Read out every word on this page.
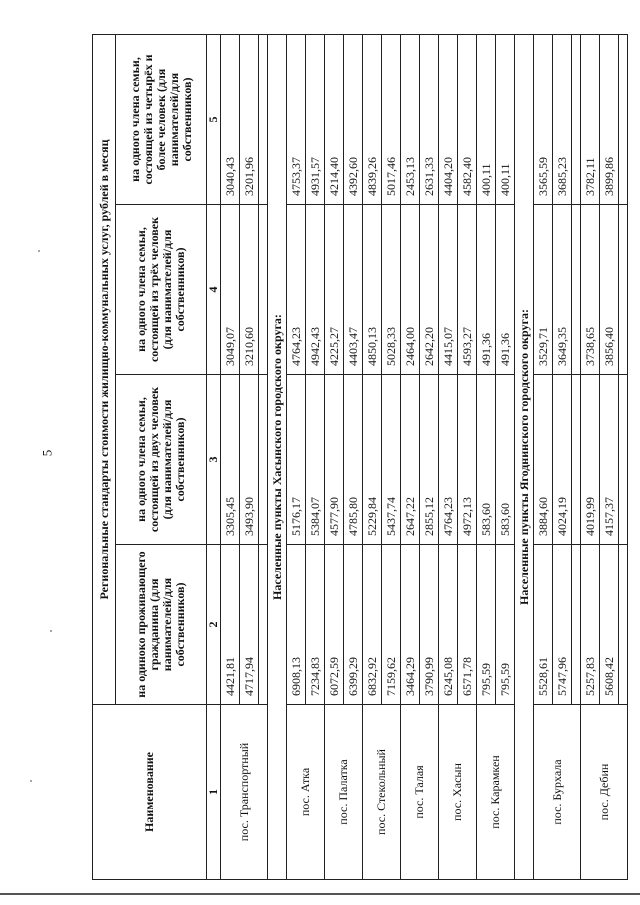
5
Наименование	Региональные стандарты стоимости жилищно-коммунальных услуг, рублей в месяц			
	на одиноко проживающего гражданина (для нанимателей/для собственников)	на одного члена семьи, состоящей из двух человек (для нанимателей/для собственников)	на одного члена семьи, состоящей из трёх человек (для нанимателей/для собственников)	на одного члена семьи, состоящей из четырёх и более человек (для нанимателей/для собственников)
1	2	3	4	5
пос. Транспортный	4421,81	3305,45	3049,07	3040,43
	4717,94	3493,90	3210,60	3201,96

Населенные пункты Хасынского городского округа:				
пос. Атка	6908,13	5176,17	4764,23	4753,37
	7234,83	5384,07	4942,43	4931,57
пос. Палатка	6072,59	4577,90	4225,27	4214,40
	6399,29	4785,80	4403,47	4392,60
пос. Стекольный	6832,92	5229,84	4850,13	4839,26
	7159,62	5437,74	5028,33	5017,46
пос. Талая	3464,29	2647,22	2464,00	2453,13
	3790,99	2855,12	2642,20	2631,33
пос. Хасын	6245,08	4764,23	4415,07	4404,20
	6571,78	4972,13	4593,27	4582,40
пос. Карамкен	795,59	583,60	491,36	400,11
	795,59	583,60	491,36	400,11
Населенные пункты Ягоднинского городского округа:				
пос. Бурхала	5528,61	3884,60	3529,71	3565,59
	5747,96	4024,19	3649,35	3685,23

пос. Дебин	5257,83	4019,99	3738,65	3782,11
	5608,42	4157,37	3856,40	3899,86
